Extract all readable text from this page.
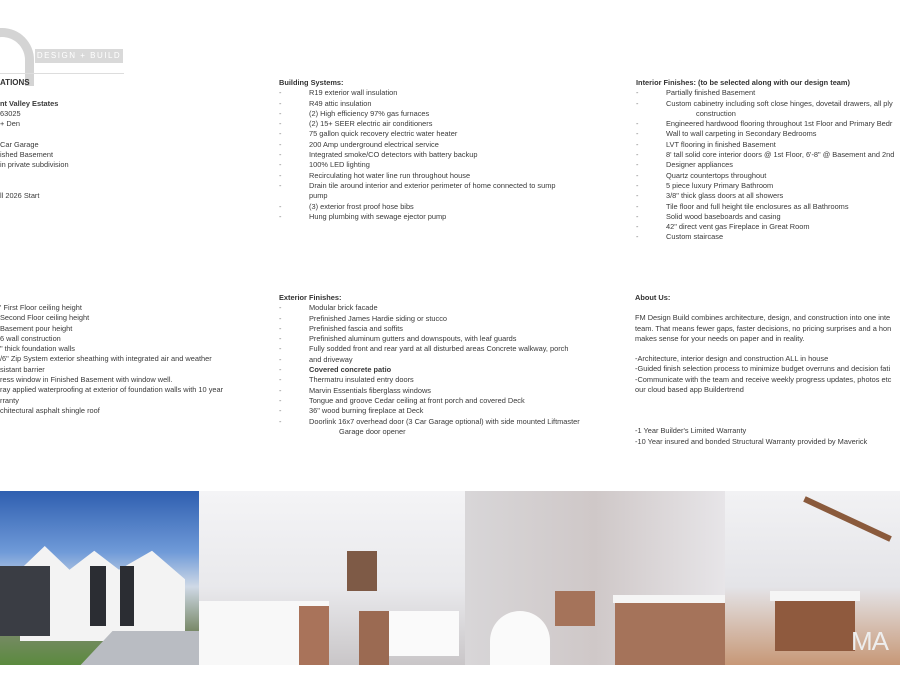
DESIGN + BUILD
ATIONS
nt Valley Estates
63025
+ Den
Car Garage
ished Basement
in private subdivision
ll 2026 Start
' First Floor ceiling height
Second Floor ceiling height
Basement pour height
6 wall construction
" thick foundation walls
/6" Zip System exterior sheathing with integrated air and weather
sistant barrier
ress window in Finished Basement with window well.
ray applied waterproofing at exterior of foundation walls with 10 year
rranty
chitectural asphalt shingle roof
Building Systems:
-	R19 exterior wall insulation
-	R49 attic insulation
-	(2) High efficiency 97% gas furnaces
-	(2) 15+ SEER electric air conditioners
-	75 gallon quick recovery electric water heater
-	200 Amp underground electrical service
-	Integrated smoke/CO detectors with battery backup
-	100% LED lighting
-	Recirculating hot water line run throughout house
-	Drain tile around interior and exterior perimeter of home connected to sump pump
-	(3) exterior frost proof hose bibs
-	Hung plumbing with sewage ejector pump
Interior Finishes: (to be selected along with our design team)
-	Partially finished Basement
-	Custom cabinetry including soft close hinges, dovetail drawers, all ply
construction
-	Engineered hardwood flooring throughout 1st Floor and Primary Bedr
-	Wall to wall carpeting in Secondary Bedrooms
-	LVT flooring in finished Basement
-	8' tall solid core interior doors @ 1st Floor, 6'-8" @ Basement and 2nd
-	Designer appliances
-	Quartz countertops throughout
-	5 piece luxury Primary Bathroom
-	3/8" thick glass doors at all showers
-	Tile floor and full height tile enclosures as all Bathrooms
-	Solid wood baseboards and casing
-	42" direct vent gas Fireplace in Great Room
-	Custom staircase
Exterior Finishes:
-	Modular brick facade
-	Prefinished James Hardie siding or stucco
-	Prefinished fascia and soffits
-	Prefinished aluminum gutters and downspouts, with leaf guards
-	Fully sodded front and rear yard at all disturbed areas Concrete walkway, porch
-	and driveway
-	Covered concrete patio
-	Thermatru insulated entry doors
-	Marvin Essentials fiberglass windows
-	Tongue and groove Cedar ceiling at front porch and covered Deck
-	36" wood burning fireplace at Deck
-	Doorlink 16x7 overhead door (3 Car Garage optional) with side mounted Liftmaster
Garage door opener
About Us:
FM Design Build combines architecture, design, and construction into one inte
team. That means fewer gaps, faster decisions, no pricing surprises and a hon
makes sense for your needs on paper and in reality.
-Architecture, interior design and construction ALL in house
-Guided finish selection process to minimize budget overruns and decision fati
-Communicate with the team and receive weekly progress updates, photos etc
our cloud based app Buildertrend
-1 Year Builder's Limited Warranty
-10 Year insured and bonded Structural Warranty provided by Maverick
MA
